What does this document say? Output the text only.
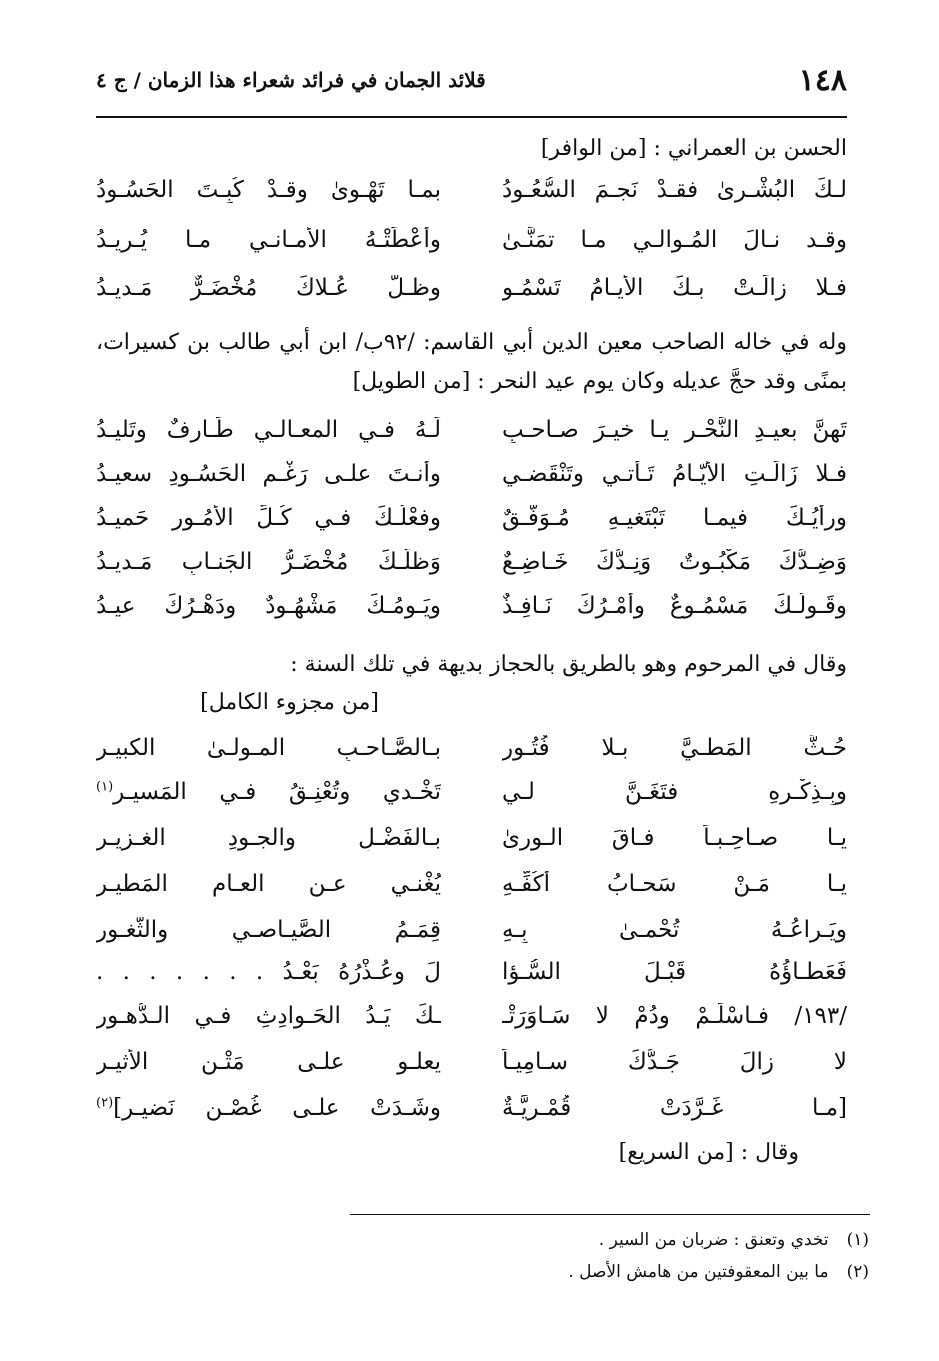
١٤٨
قلائد الجمان في فرائد شعراء هذا الزمان / ج ٤
الحسن بن العمراني : [من الوافر]
لـكَ البُشْـرىٰ فقـدْ نَجـمَ السُّعُـودُ
بمـا تَهْـوىٰ وقـدْ كُبِـتَ الحَسُـودُ
وقـد نـالَ المُـوالـي مـا تمَنَّـىٰ
وأعْطَتْـهُ الأمـانـي مـا يُـريـدُ
فـلا زالَـتْ بـكَ الأيـامُ تَسْمُـو
وظـلُّ عُـلاكَ مُخْضَـرٌّ مَـديـدُ
وله في خاله الصاحب معين الدين أبي القاسم: /٩٢ب/ ابن أبي طالب بن كسيرات، بمنًى وقد حجَّ عديله وكان يوم عيد النحر : [من الطويل]
تَهنَّ بعيـدِ النَّحْـرِ يـا خيـرَ صـاحـبٍ
لَـهُ فـي المعـالـي طَـارفٌ وتَليـدُ
فـلا زَالَـتِ الأيّـامُ تَـأتـي وتَنْقَضـي
وأنـتَ علـى رَغْـمِ الحَسُـودِ سعيـدُ
ورأيُـكَ فيمـا تَبْتَغيـهِ مُـوَفَّـقٌ
وفعْلُـكَ فـي كُـلِّ الأمُـورِ حَميـدُ
وَضِـدُّكَ مَكْبُـوتٌ وَنِـدُّكَ خَـاضِـعٌ
وَظلُّـكَ مُخْضَـرُّ الجَنـابِ مَـديـدُ
وقَـولُـكَ مَسْمُـوعٌ وأمْـرُكَ نَـافِـذٌ
ويَـومُـكَ مَشْهُـودٌ ودَهْـرُكَ عيـدُ
وقال في المرحوم وهو بالطريق بالحجاز بديهة في تلك السنة :
[من مجزوء الكامل]
حُـثَّ المَطـيَّ بـلا فُتُـورِ
بـالصَّـاحـبِ المـولـىٰ الكبيـرِ
وبِـذِكْـرِهِ فتَغَـنَّ لـي
تَخْـدي وتُعْنِـقُ فـي المَسيـرِ$^{(١)}$
يـا صـاحِـبـاً فـاقَ الـورىٰ
بـالفَضْـلِ والجـودِ الغـزيـرِ
يـا مَـنْ سَحـابُ أكُفِّـهِ
يُغْنـي عـنِ العـامِ المَطيـرِ
ويَـراعُـهُ تُحْمـىٰ بِـهِ
قِمَـمُ الصَّيـاصـي والثُّغـورِ
فَعَطـاؤُهُ قَبْـلَ السُّـؤا
لَ وعُـذْرُهُ بَعْـدُ . . . . . . .
/١٩٣/ فـاسْلَـمْ ودُمْ لا سَـاوَرَتْـ
ـكَ يَـدُ الحَـوادِثِ فـي الـدُّهـورِ
لا زالَ جَـدُّكَ سـامِيـاً
يعلـو علـى مَتْـنِ الأثيـرِ
[مـا غَـرَّدَتْ قُمْـرِيَّـةٌ
وشَـدَتْ علـى غُصْـنٍ نَضيـرِ]$^{(٢)}$
وقال : [من السريع]
(١)
تخدي وتعنق : ضربان من السير .
(٢)
ما بين المعقوفتين من هامش الأصل .
